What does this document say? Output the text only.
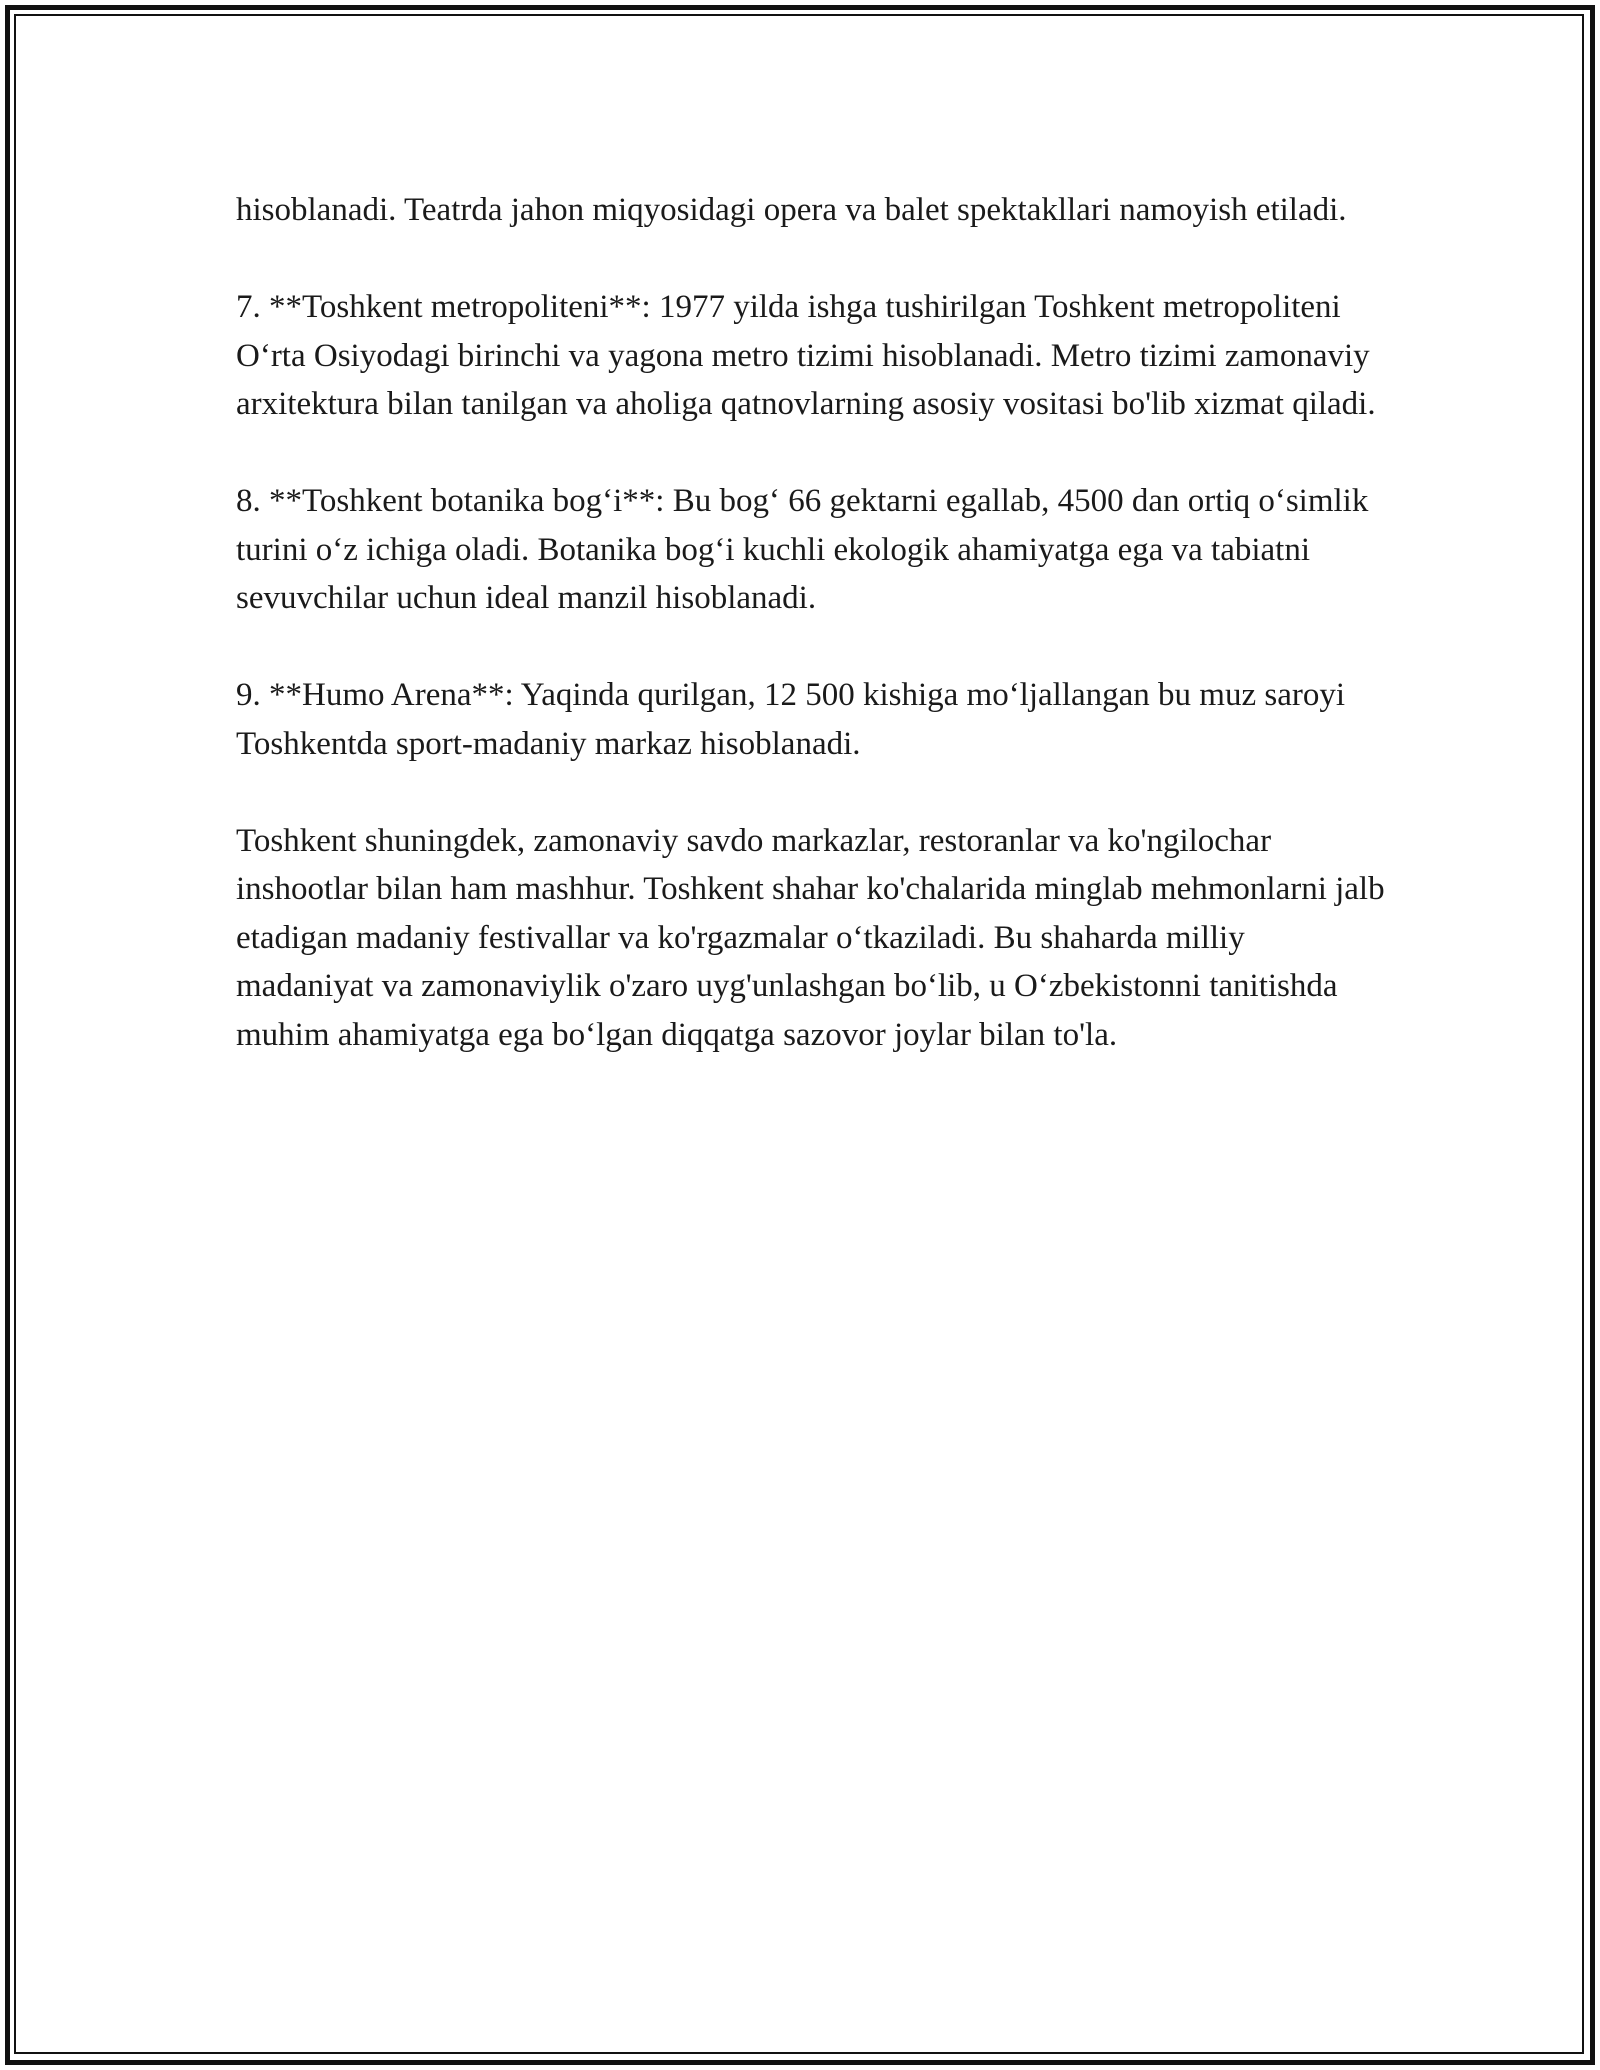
hisoblanadi. Teatrda jahon miqyosidagi opera va balet spektakllari namoyish etiladi.

7. **Toshkent metropoliteni**: 1977 yilda ishga tushirilgan Toshkent metropoliteni O‘rta Osiyodagi birinchi va yagona metro tizimi hisoblanadi. Metro tizimi zamonaviy arxitektura bilan tanilgan va aholiga qatnovlarning asosiy vositasi bo'lib xizmat qiladi.

8. **Toshkent botanika bog‘i**: Bu bog‘ 66 gektarni egallab, 4500 dan ortiq o‘simlik turini o‘z ichiga oladi. Botanika bog‘i kuchli ekologik ahamiyatga ega va tabiatni sevuvchilar uchun ideal manzil hisoblanadi.

9. **Humo Arena**: Yaqinda qurilgan, 12 500 kishiga mo‘ljallangan bu muz saroyi Toshkentda sport-madaniy markaz hisoblanadi.

Toshkent shuningdek, zamonaviy savdo markazlar, restoranlar va ko'ngilochar inshootlar bilan ham mashhur. Toshkent shahar ko'chalarida minglab mehmonlarni jalb etadigan madaniy festivallar va ko'rgazmalar o‘tkaziladi. Bu shaharda milliy madaniyat va zamonaviylik o'zaro uyg'unlashgan bo‘lib, u O‘zbekistonni tanitishda muhim ahamiyatga ega bo‘lgan diqqatga sazovor joylar bilan to'la.
